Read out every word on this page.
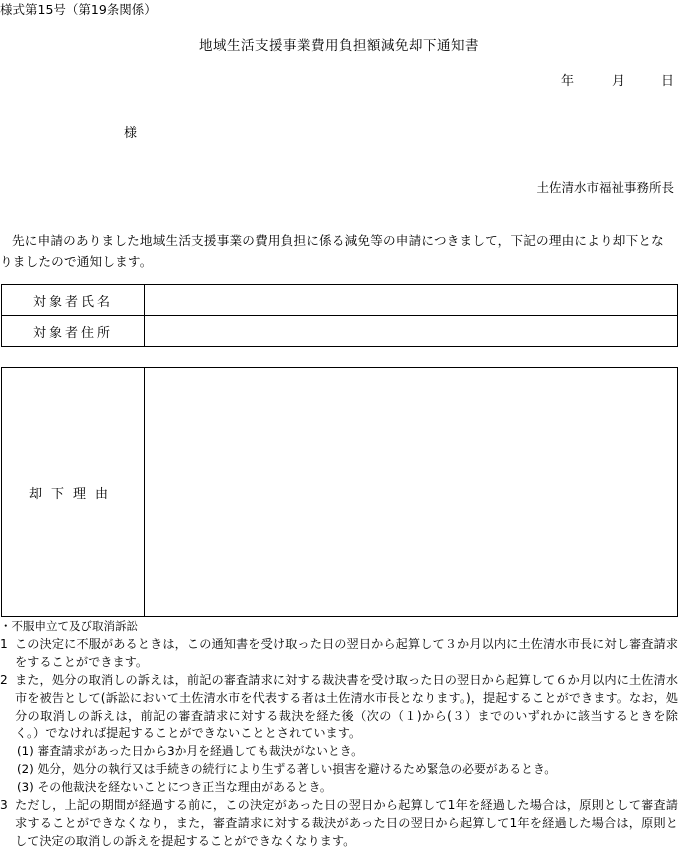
様式第15号（第19条関係）
地域生活支援事業費用負担額減免却下通知書
年	月	日
様
土佐清水市福祉事務所長
先に申請のありました地域生活支援事業の費用負担に係る減免等の申請につきまして，下記の理由により却下となりましたので通知します。
対象者氏名	
対象者住所	
却下理由	
・不服申立て及び取消訴訟
1 この決定に不服があるときは，この通知書を受け取った日の翌日から起算して３か月以内に土佐清水市長に対し審査請求をすることができます。
2 また，処分の取消しの訴えは，前記の審査請求に対する裁決書を受け取った日の翌日から起算して６か月以内に土佐清水市を被告として(訴訟において土佐清水市を代表する者は土佐清水市長となります。)，提起することができます。なお，処分の取消しの訴えは，前記の審査請求に対する裁決を経た後（次の（１)から(３）までのいずれかに該当するときを除く。）でなければ提起することができないこととされています。
(1) 審査請求があった日から3か月を経過しても裁決がないとき。
(2) 処分，処分の執行又は手続きの続行により生ずる著しい損害を避けるため緊急の必要があるとき。
(3) その他裁決を経ないことにつき正当な理由があるとき。
3 ただし，上記の期間が経過する前に，この決定があった日の翌日から起算して1年を経過した場合は，原則として審査請求することができなくなり，また，審査請求に対する裁決があった日の翌日から起算して1年を経過した場合は，原則として決定の取消しの訴えを提起することができなくなります。
